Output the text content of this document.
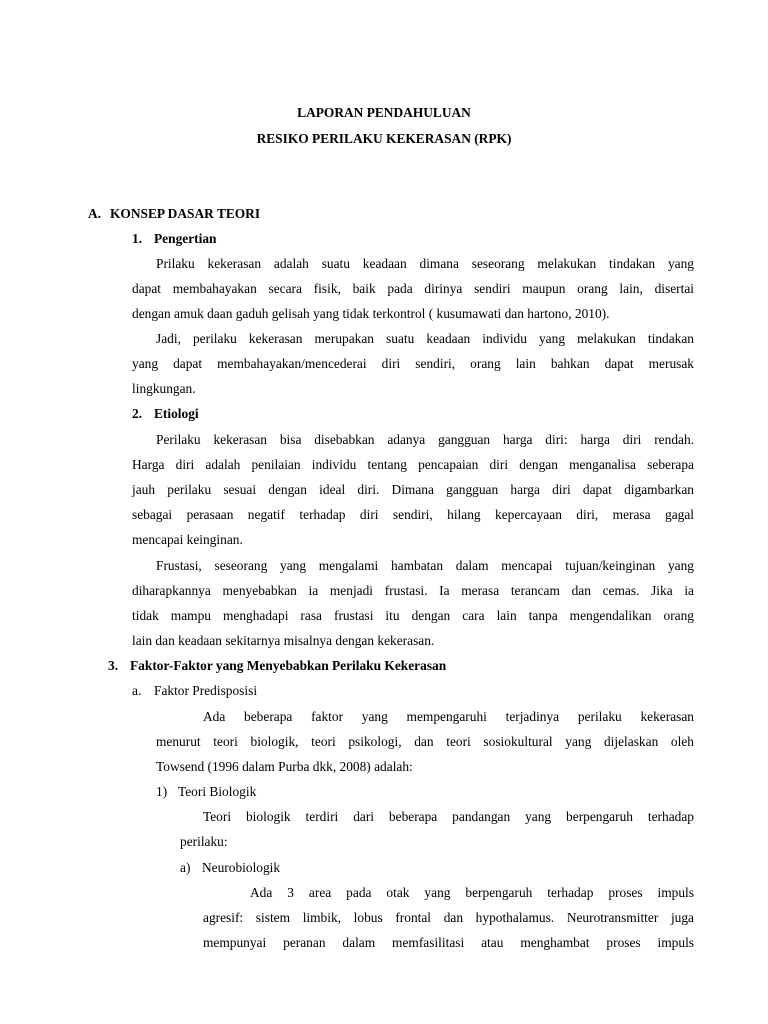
LAPORAN PENDAHULUAN
RESIKO PERILAKU KEKERASAN (RPK)
A. KONSEP DASAR TEORI
1. Pengertian
Prilaku kekerasan adalah suatu keadaan dimana seseorang melakukan tindakan yang
dapat membahayakan secara fisik, baik pada dirinya sendiri maupun orang lain, disertai
dengan amuk daan gaduh gelisah yang tidak terkontrol ( kusumawati dan hartono, 2010).
Jadi, perilaku kekerasan merupakan suatu keadaan individu yang melakukan tindakan
yang dapat membahayakan/mencederai diri sendiri, orang lain bahkan dapat merusak
lingkungan.
2. Etiologi
Perilaku kekerasan bisa disebabkan adanya gangguan harga diri: harga diri rendah.
Harga diri adalah penilaian individu tentang pencapaian diri dengan menganalisa seberapa
jauh perilaku sesuai dengan ideal diri. Dimana gangguan harga diri dapat digambarkan
sebagai perasaan negatif terhadap diri sendiri, hilang kepercayaan diri, merasa gagal
mencapai keinginan.
Frustasi, seseorang yang mengalami hambatan dalam mencapai tujuan/keinginan yang
diharapkannya menyebabkan ia menjadi frustasi. Ia merasa terancam dan cemas. Jika ia
tidak mampu menghadapi rasa frustasi itu dengan cara lain tanpa mengendalikan orang
lain dan keadaan sekitarnya misalnya dengan kekerasan.
3. Faktor-Faktor yang Menyebabkan Perilaku Kekerasan
a. Faktor Predisposisi
Ada beberapa faktor yang mempengaruhi terjadinya perilaku kekerasan
menurut teori biologik, teori psikologi, dan teori sosiokultural yang dijelaskan oleh
Towsend (1996 dalam Purba dkk, 2008) adalah:
1) Teori Biologik
Teori biologik terdiri dari beberapa pandangan yang berpengaruh terhadap
perilaku:
a) Neurobiologik
Ada 3 area pada otak yang berpengaruh terhadap proses impuls
agresif: sistem limbik, lobus frontal dan hypothalamus. Neurotransmitter juga
mempunyai peranan dalam memfasilitasi atau menghambat proses impuls
